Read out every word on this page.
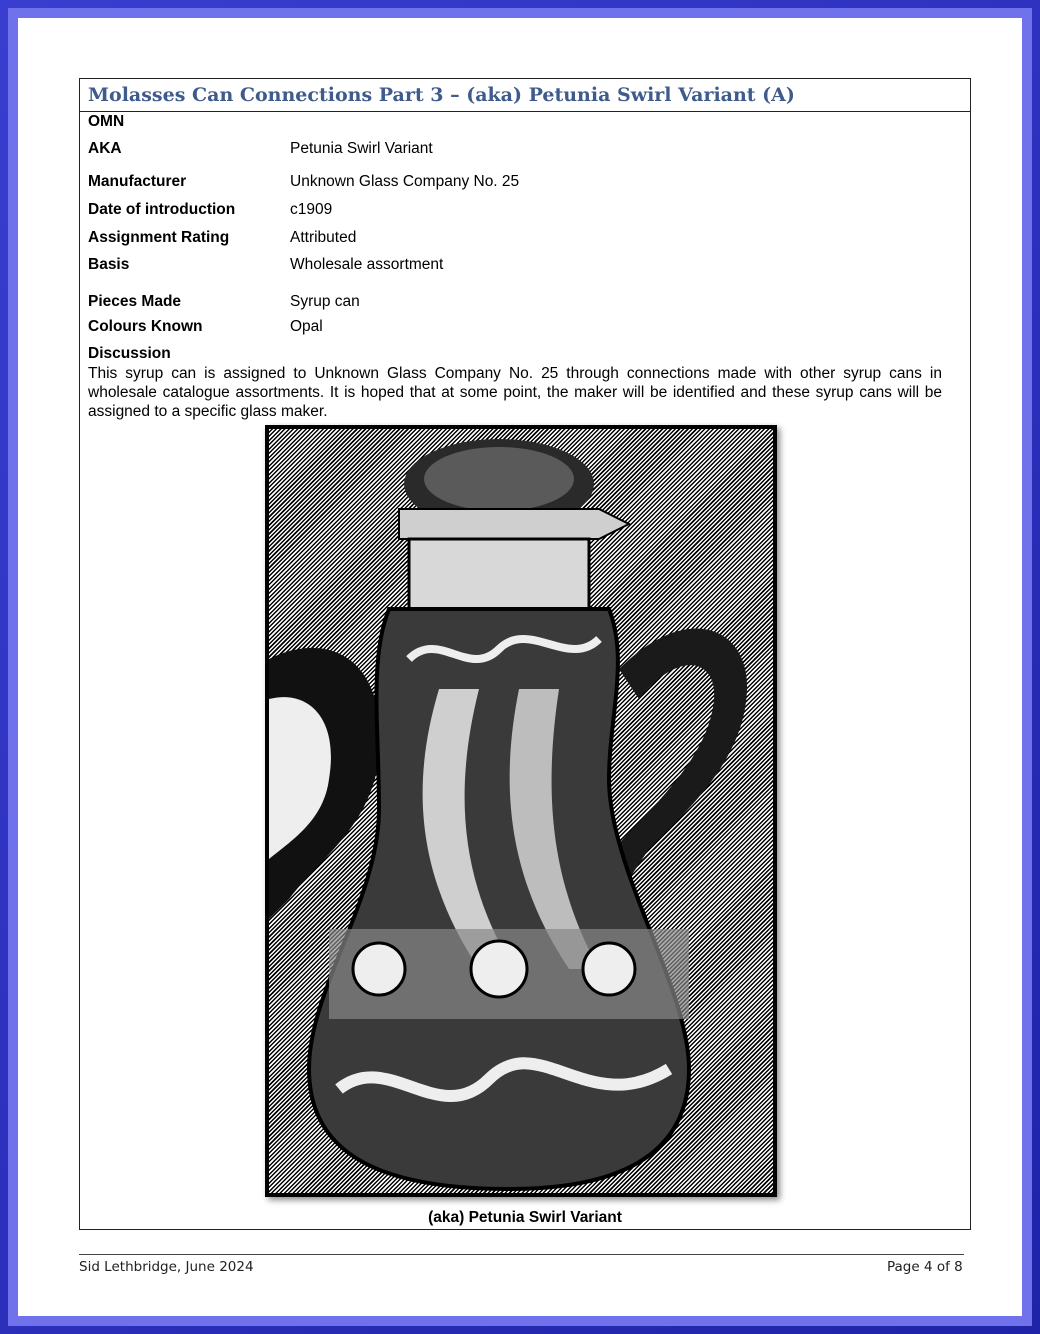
Molasses Can Connections Part 3 – (aka) Petunia Swirl Variant (A)
OMN
AKA	Petunia Swirl Variant
Manufacturer	Unknown Glass Company No. 25
Date of introduction	c1909
Assignment Rating	Attributed
Basis	Wholesale assortment
Pieces Made	Syrup can
Colours Known	Opal
Discussion
This syrup can is assigned to Unknown Glass Company No. 25 through connections made with other syrup cans in wholesale catalogue assortments. It is hoped that at some point, the maker will be identified and these syrup cans will be assigned to a specific glass maker.
(aka) Petunia Swirl Variant
Sid Lethbridge, June 2024	Page 4 of 8
